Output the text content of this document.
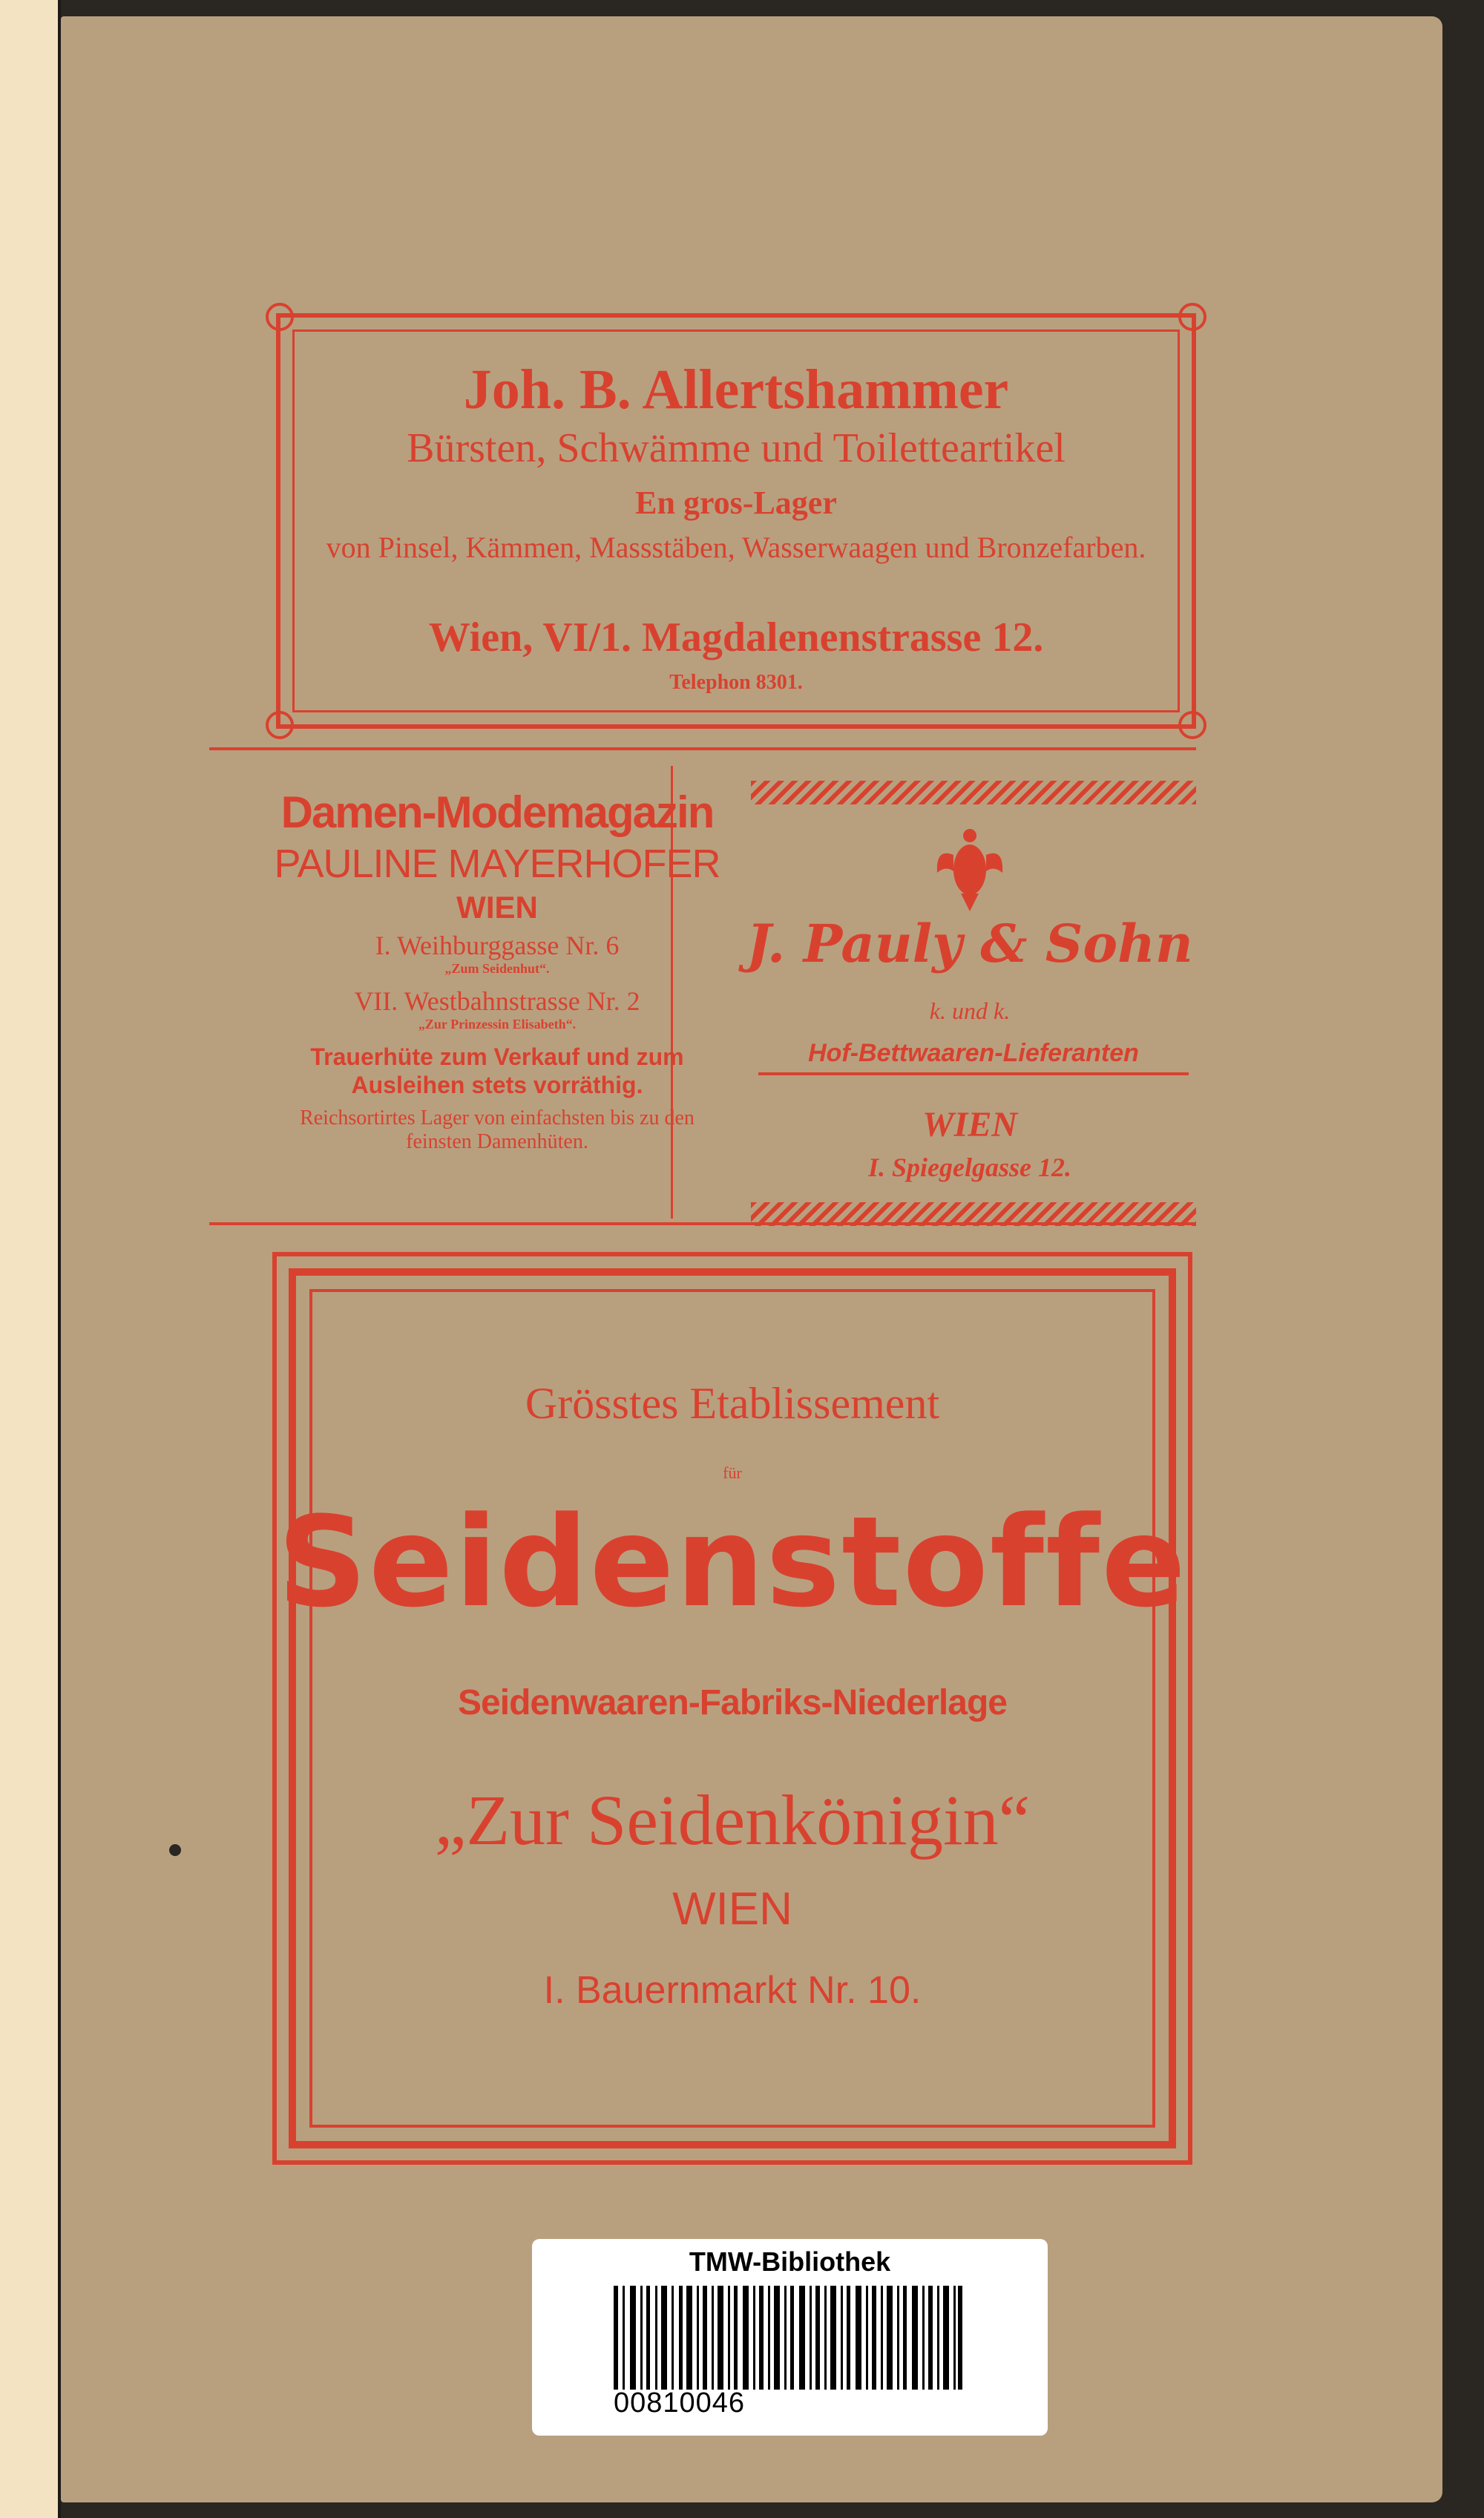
Joh. B. Allertshammer
Bürsten, Schwämme und Toiletteartikel
En gros-Lager
von Pinsel, Kämmen, Massstäben, Wasserwaagen und Bronzefarben.
Wien, VI/1. Magdalenenstrasse 12.
Telephon 8301.
Damen-Modemagazin
PAULINE MAYERHOFER
WIEN
I. Weihburggasse Nr. 6
„Zum Seidenhut“.
VII. Westbahnstrasse Nr. 2
„Zur Prinzessin Elisabeth“.
Trauerhüte zum Verkauf und zum Ausleihen stets vorräthig.
Reichsortirtes Lager von einfachsten bis zu den feinsten Damenhüten.
J. Pauly & Sohn
k. und k.
Hof-Bettwaaren-Lieferanten
WIEN
I. Spiegelgasse 12.
Grösstes Etablissement
für
Seidenstoffe
Seidenwaaren-Fabriks-Niederlage
„Zur Seidenkönigin“
WIEN
I. Bauernmarkt Nr. 10.
TMW-Bibliothek
00810046
